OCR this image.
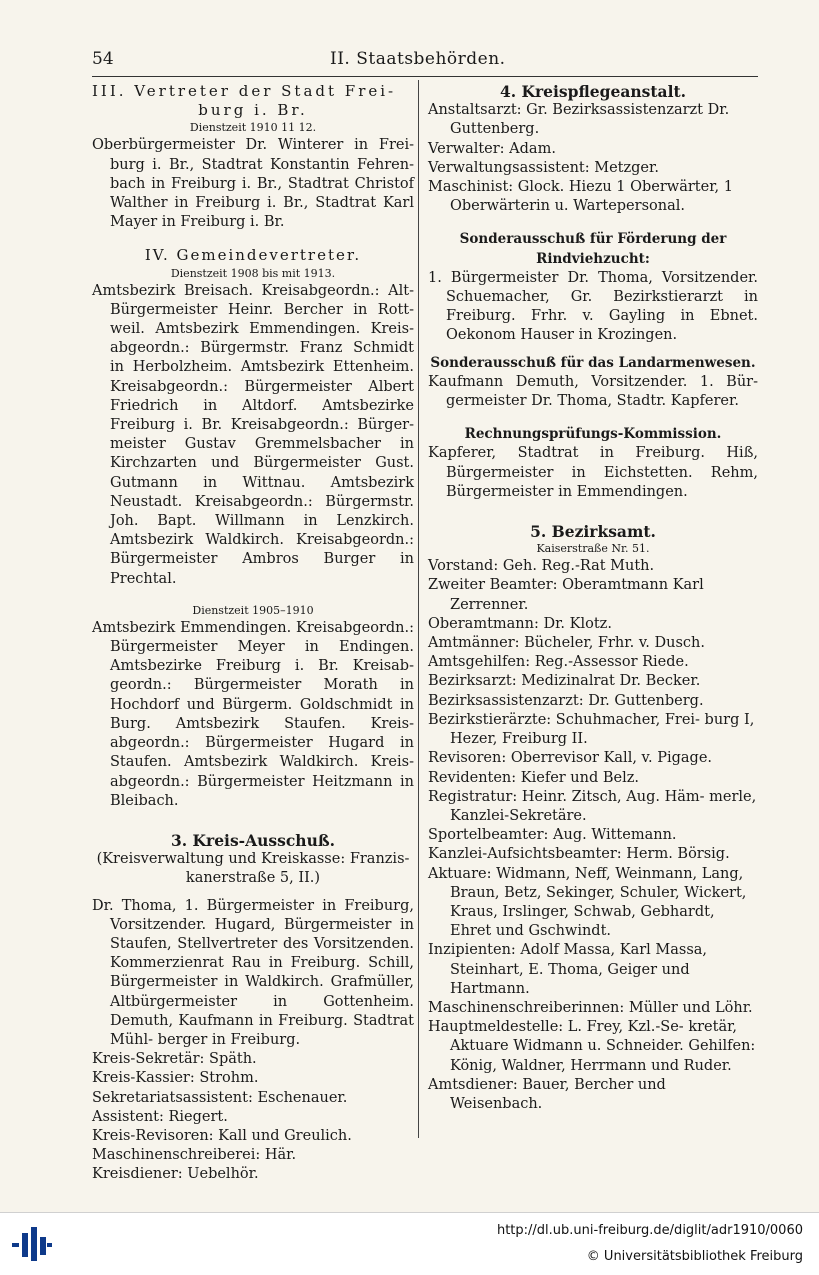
54	II. Staatsbehörden.

III. Vertreter der Stadt Frei-
burg i. Br.

Dienstzeit 1910 11 12.

Oberbürgermeister Dr. Winterer in Frei- burg i. Br., Stadtrat Konstantin Fehren- bach in Freiburg i. Br., Stadtrat Christof Walther in Freiburg i. Br., Stadtrat Karl Mayer in Freiburg i. Br.

IV. Gemeindevertreter.

Dienstzeit 1908 bis mit 1913.

Amtsbezirk Breisach. Kreisabgeordn.: Alt- Bürgermeister Heinr. Bercher in Rott- weil. Amtsbezirk Emmendingen. Kreis- abgeordn.: Bürgermstr. Franz Schmidt in Herbolzheim. Amtsbezirk Ettenheim. Kreisabgeordn.: Bürgermeister Albert Friedrich in Altdorf. Amtsbezirke Freiburg i. Br. Kreisabgeordn.: Bürger- meister Gustav Gremmelsbacher in Kirchzarten und Bürgermeister Gust. Gutmann in Wittnau. Amtsbezirk Neustadt. Kreisabgeordn.: Bürgermstr. Joh. Bapt. Willmann in Lenzkirch. Amtsbezirk Waldkirch. Kreisabgeordn.: Bürgermeister Ambros Burger in Prechtal.

Dienstzeit 1905–1910

Amtsbezirk Emmendingen. Kreisabgeordn.: Bürgermeister Meyer in Endingen. Amtsbezirke Freiburg i. Br. Kreisab- geordn.: Bürgermeister Morath in Hochdorf und Bürgerm. Goldschmidt in Burg. Amtsbezirk Staufen. Kreis- abgeordn.: Bürgermeister Hugard in Staufen. Amtsbezirk Waldkirch. Kreis- abgeordn.: Bürgermeister Heitzmann in Bleibach.

3. Kreis-Ausschuß.

(Kreisverwaltung und Kreiskasse: Franzis- kanerstraße 5, II.)

Dr. Thoma, 1. Bürgermeister in Freiburg, Vorsitzender. Hugard, Bürgermeister in Staufen, Stellvertreter des Vorsitzenden. Kommerzienrat Rau in Freiburg. Schill, Bürgermeister in Waldkirch. Grafmüller, Altbürgermeister in Gottenheim. Demuth, Kaufmann in Freiburg. Stadtrat Mühl- berger in Freiburg.

Kreis-Sekretär: Späth.

Kreis-Kassier: Strohm.

Sekretariatsassistent: Eschenauer.

Assistent: Riegert.

Kreis-Revisoren: Kall und Greulich.

Maschinenschreiberei: Här.

Kreisdiener: Uebelhör.

4. Kreispflegeanstalt.

Anstaltsarzt: Gr. Bezirksassistenzarzt Dr. Guttenberg.

Verwalter: Adam.

Verwaltungsassistent: Metzger.

Maschinist: Glock. Hiezu 1 Oberwärter, 1 Oberwärterin u. Wartepersonal.

Sonderausschuß für Förderung der Rindviehzucht:

1. Bürgermeister Dr. Thoma, Vorsitzender. Schuemacher, Gr. Bezirkstierarzt in Freiburg. Frhr. v. Gayling in Ebnet. Oekonom Hauser in Krozingen.

Sonderausschuß für das Landarmenwesen.

Kaufmann Demuth, Vorsitzender. 1. Bür- germeister Dr. Thoma, Stadtr. Kapferer.

Rechnungsprüfungs-Kommission.

Kapferer, Stadtrat in Freiburg. Hiß, Bürgermeister in Eichstetten. Rehm, Bürgermeister in Emmendingen.

5. Bezirksamt.

Kaiserstraße Nr. 51.

Vorstand: Geh. Reg.-Rat Muth.

Zweiter Beamter: Oberamtmann Karl Zerrenner.

Oberamtmann: Dr. Klotz.

Amtmänner: Bücheler, Frhr. v. Dusch.

Amtsgehilfen: Reg.-Assessor Riede.

Bezirksarzt: Medizinalrat Dr. Becker.

Bezirksassistenzarzt: Dr. Guttenberg.

Bezirkstierärzte: Schuhmacher, Frei- burg I, Hezer, Freiburg II.

Revisoren: Oberrevisor Kall, v. Pigage.

Revidenten: Kiefer und Belz.

Registratur: Heinr. Zitsch, Aug. Häm- merle, Kanzlei-Sekretäre.

Sportelbeamter: Aug. Wittemann.

Kanzlei-Aufsichtsbeamter: Herm. Börsig.

Aktuare: Widmann, Neff, Weinmann, Lang, Braun, Betz, Sekinger, Schuler, Wickert, Kraus, Irslinger, Schwab, Gebhardt, Ehret und Gschwindt.

Inzipienten: Adolf Massa, Karl Massa, Steinhart, E. Thoma, Geiger und Hartmann.

Maschinenschreiberinnen: Müller und Löhr.

Hauptmeldestelle: L. Frey, Kzl.-Se- kretär, Aktuare Widmann u. Schneider. Gehilfen: König, Waldner, Herrmann und Ruder.

Amtsdiener: Bauer, Bercher und Weisenbach.

http://dl.ub.uni-freiburg.de/diglit/adr1910/0060
© Universitätsbibliothek Freiburg
